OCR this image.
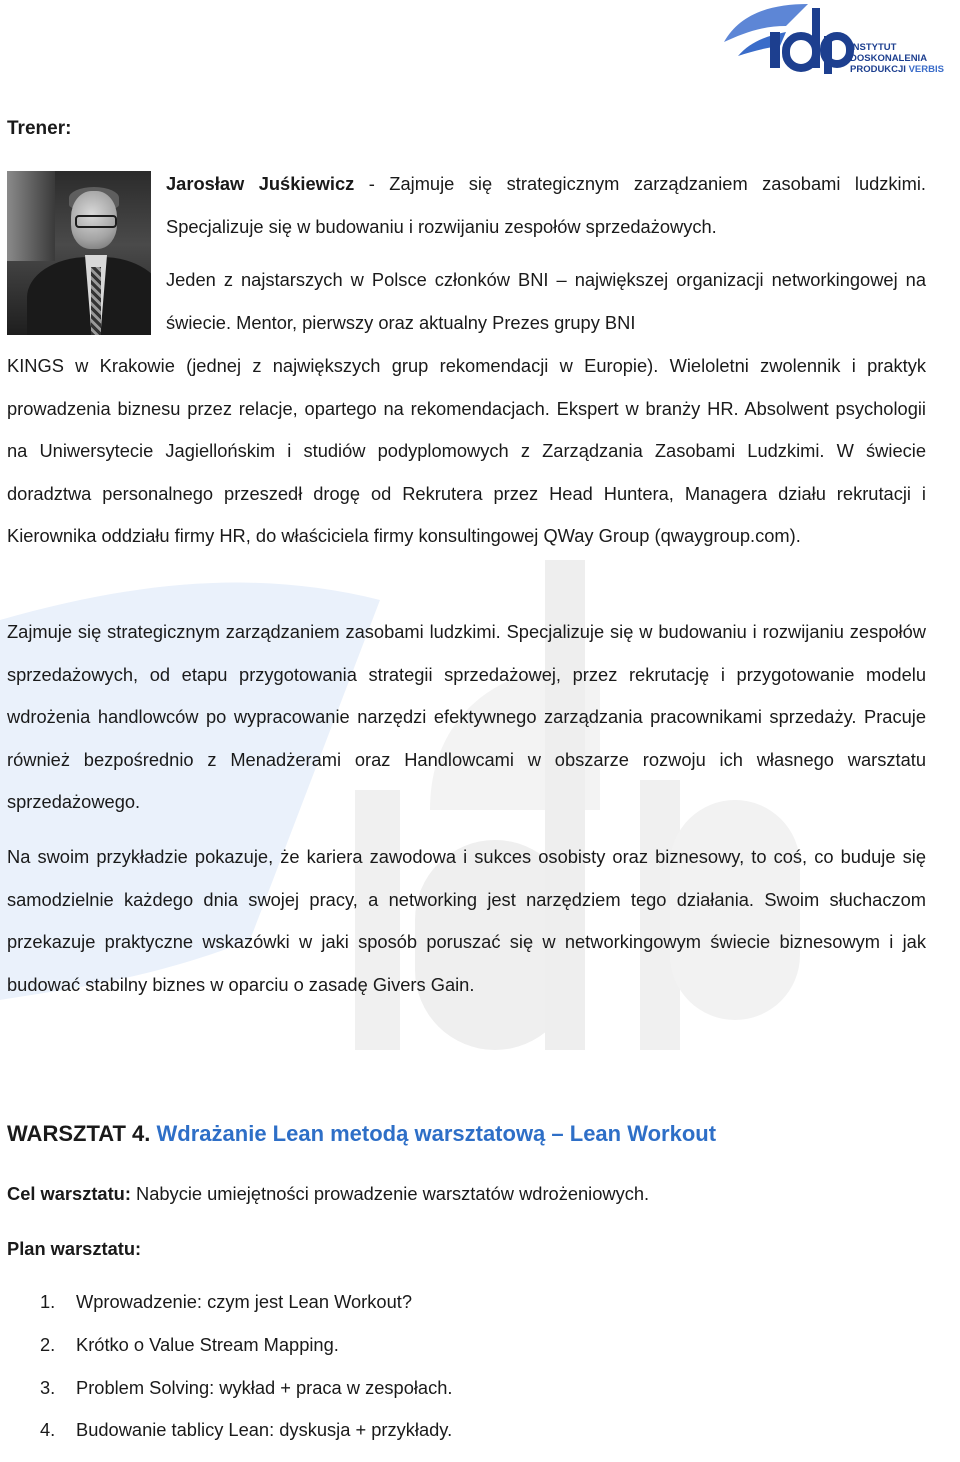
INSTYTUT DOSKONALENIA
PRODUKCJI VERBIS
Trener:

Jarosław Juśkiewicz - Zajmuje się strategicznym zarządzaniem zasobami ludzkimi. Specjalizuje się w budowaniu i rozwijaniu zespołów sprzedażowych.

Jeden z najstarszych w Polsce członków BNI – największej organizacji networkingowej na świecie. Mentor, pierwszy oraz aktualny Prezes grupy BNI

KINGS w Krakowie (jednej z największych grup rekomendacji w Europie). Wieloletni zwolennik i praktyk prowadzenia biznesu przez relacje, opartego na rekomendacjach. Ekspert w branży HR. Absolwent psychologii na Uniwersytecie Jagiellońskim i studiów podyplomowych z Zarządzania Zasobami Ludzkimi. W świecie doradztwa personalnego przeszedł drogę od Rekrutera przez Head Huntera, Managera działu rekrutacji i Kierownika oddziału firmy HR, do właściciela firmy konsultingowej QWay Group (qwaygroup.com).

Zajmuje się strategicznym zarządzaniem zasobami ludzkimi. Specjalizuje się w budowaniu i rozwijaniu zespołów sprzedażowych, od etapu przygotowania strategii sprzedażowej, przez rekrutację i przygotowanie modelu wdrożenia handlowców po wypracowanie narzędzi efektywnego zarządzania pracownikami sprzedaży. Pracuje również bezpośrednio z Menadżerami oraz Handlowcami w obszarze rozwoju ich własnego warsztatu sprzedażowego.

Na swoim przykładzie pokazuje, że kariera zawodowa i sukces osobisty oraz biznesowy, to coś, co buduje się samodzielnie każdego dnia swojej pracy, a networking jest narzędziem tego działania. Swoim słuchaczom przekazuje praktyczne wskazówki w jaki sposób poruszać się w networkingowym świecie biznesowym i jak budować stabilny biznes w oparciu o zasadę Givers Gain.

WARSZTAT 4. Wdrażanie Lean metodą warsztatową – Lean Workout

Cel warsztatu: Nabycie umiejętności prowadzenie warsztatów wdrożeniowych.

Plan warsztatu:

1.	Wprowadzenie: czym jest Lean Workout?
2.	Krótko o Value Stream Mapping.
3.	Problem Solving: wykład + praca w zespołach.
4.	Budowanie tablicy Lean: dyskusja + przykłady.
